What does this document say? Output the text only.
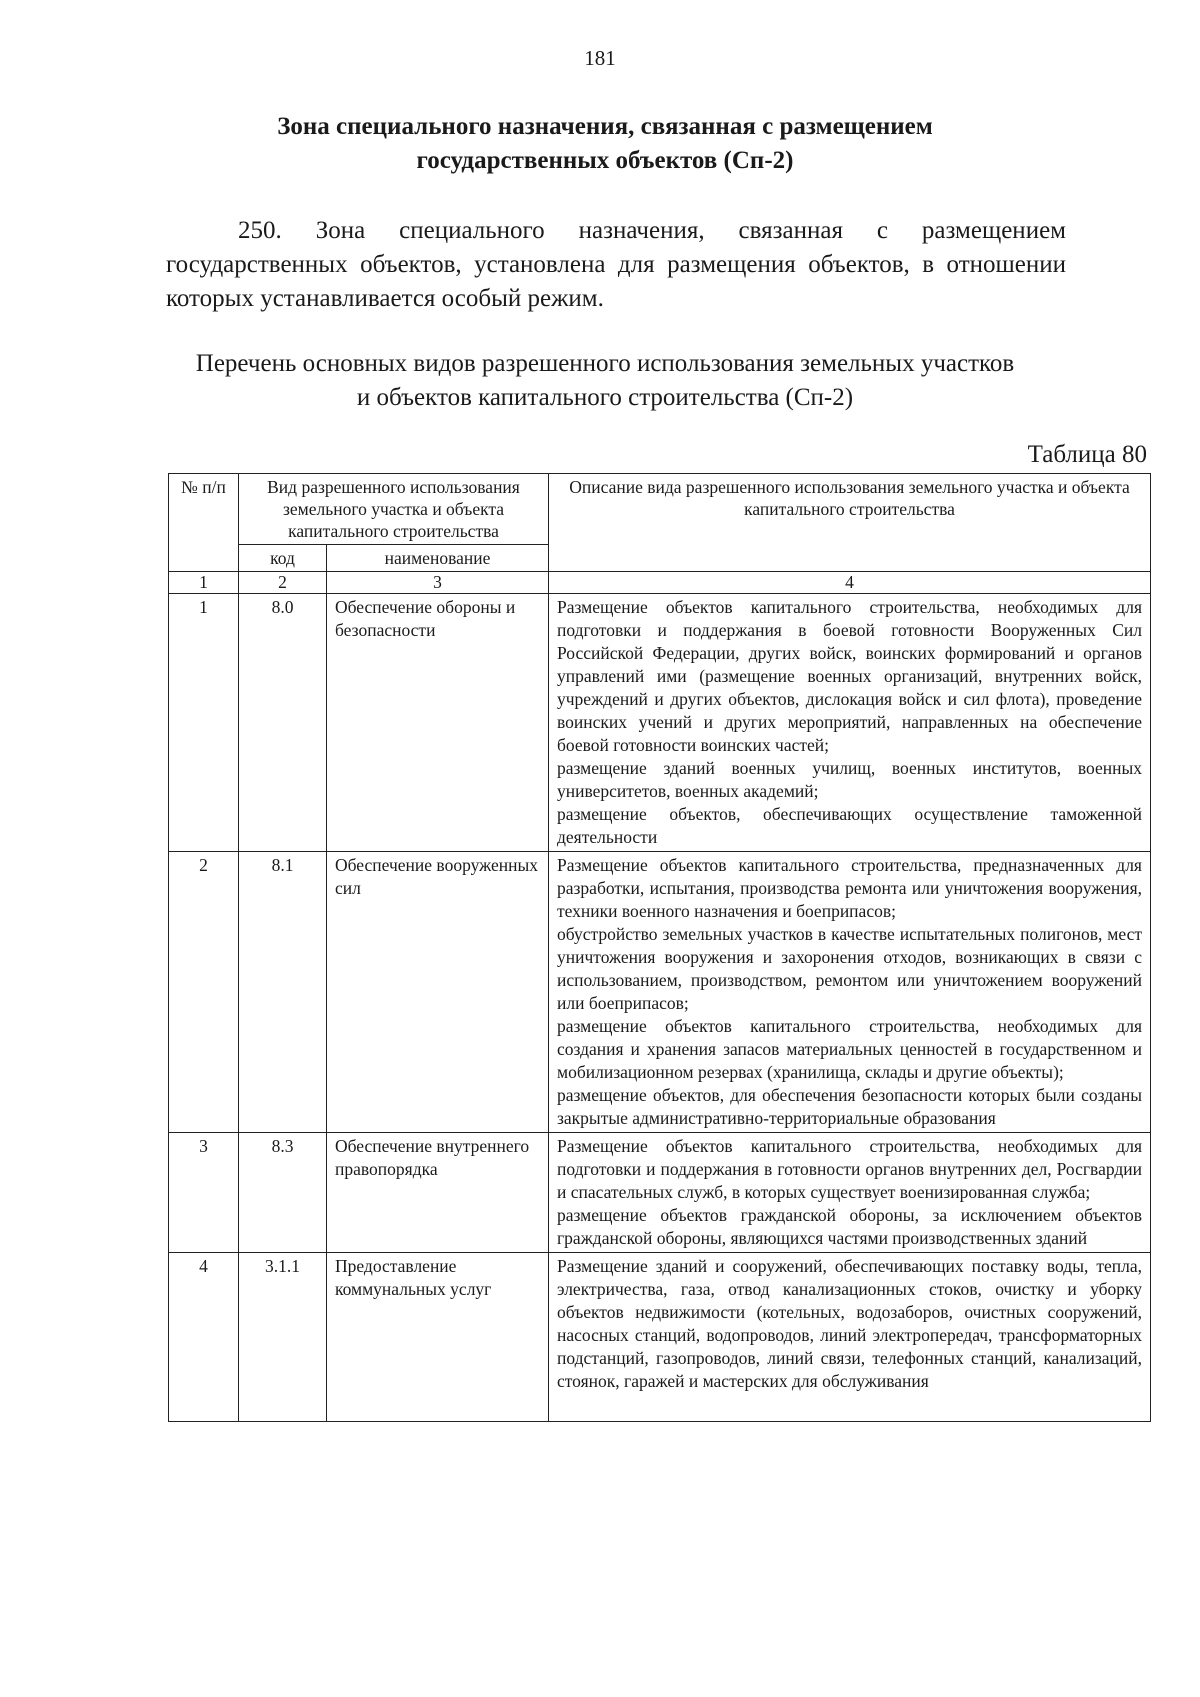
181
Зона специального назначения, связанная с размещением
государственных объектов (Сп-2)
250. Зона специального назначения, связанная с размещением государственных объектов, установлена для размещения объектов, в отношении которых устанавливается особый режим.
Перечень основных видов разрешенного использования земельных участков
и объектов капитального строительства (Сп-2)
Таблица 80
№ п/п	Вид разрешенного использования земельного участка и объекта капитального строительства		Описание вида разрешенного использования земельного участка и объекта капитального строительства
	код	наименование	
1	2	3	4
1	8.0	Обеспечение обороны и безопасности	Размещение объектов капитального строительства, необходимых для подготовки и поддержания в боевой готовности Вооруженных Сил Российской Федерации, других войск, воинских формирований и органов управлений ими (размещение военных организаций, внутренних войск, учреждений и других объектов, дислокация войск и сил флота), проведение воинских учений и других мероприятий, направленных на обеспечение боевой готовности воинских частей;

размещение зданий военных училищ, военных институтов, военных университетов, военных академий;

размещение объектов, обеспечивающих осуществление таможенной деятельности

2	8.1	Обеспечение вооруженных сил	Размещение объектов капитального строительства, предназначенных для разработки, испытания, производства ремонта или уничтожения вооружения, техники военного назначения и боеприпасов;

обустройство земельных участков в качестве испытательных полигонов, мест уничтожения вооружения и захоронения отходов, возникающих в связи с использованием, производством, ремонтом или уничтожением вооружений или боеприпасов;

размещение объектов капитального строительства, необходимых для создания и хранения запасов материальных ценностей в государственном и мобилизационном резервах (хранилища, склады и другие объекты);

размещение объектов, для обеспечения безопасности которых были созданы закрытые административно-территориальные образования

3	8.3	Обеспечение внутреннего правопорядка	Размещение объектов капитального строительства, необходимых для подготовки и поддержания в готовности органов внутренних дел, Росгвардии и спасательных служб, в которых существует военизированная служба;

размещение объектов гражданской обороны, за исключением объектов гражданской обороны, являющихся частями производственных зданий

4	3.1.1	Предоставление коммунальных услуг	Размещение зданий и сооружений, обеспечивающих поставку воды, тепла, электричества, газа, отвод канализационных стоков, очистку и уборку объектов недвижимости (котельных, водозаборов, очистных сооружений, насосных станций, водопроводов, линий электропередач, трансформаторных подстанций, газопроводов, линий связи, телефонных станций, канализаций, стоянок, гаражей и мастерских для обслуживания
